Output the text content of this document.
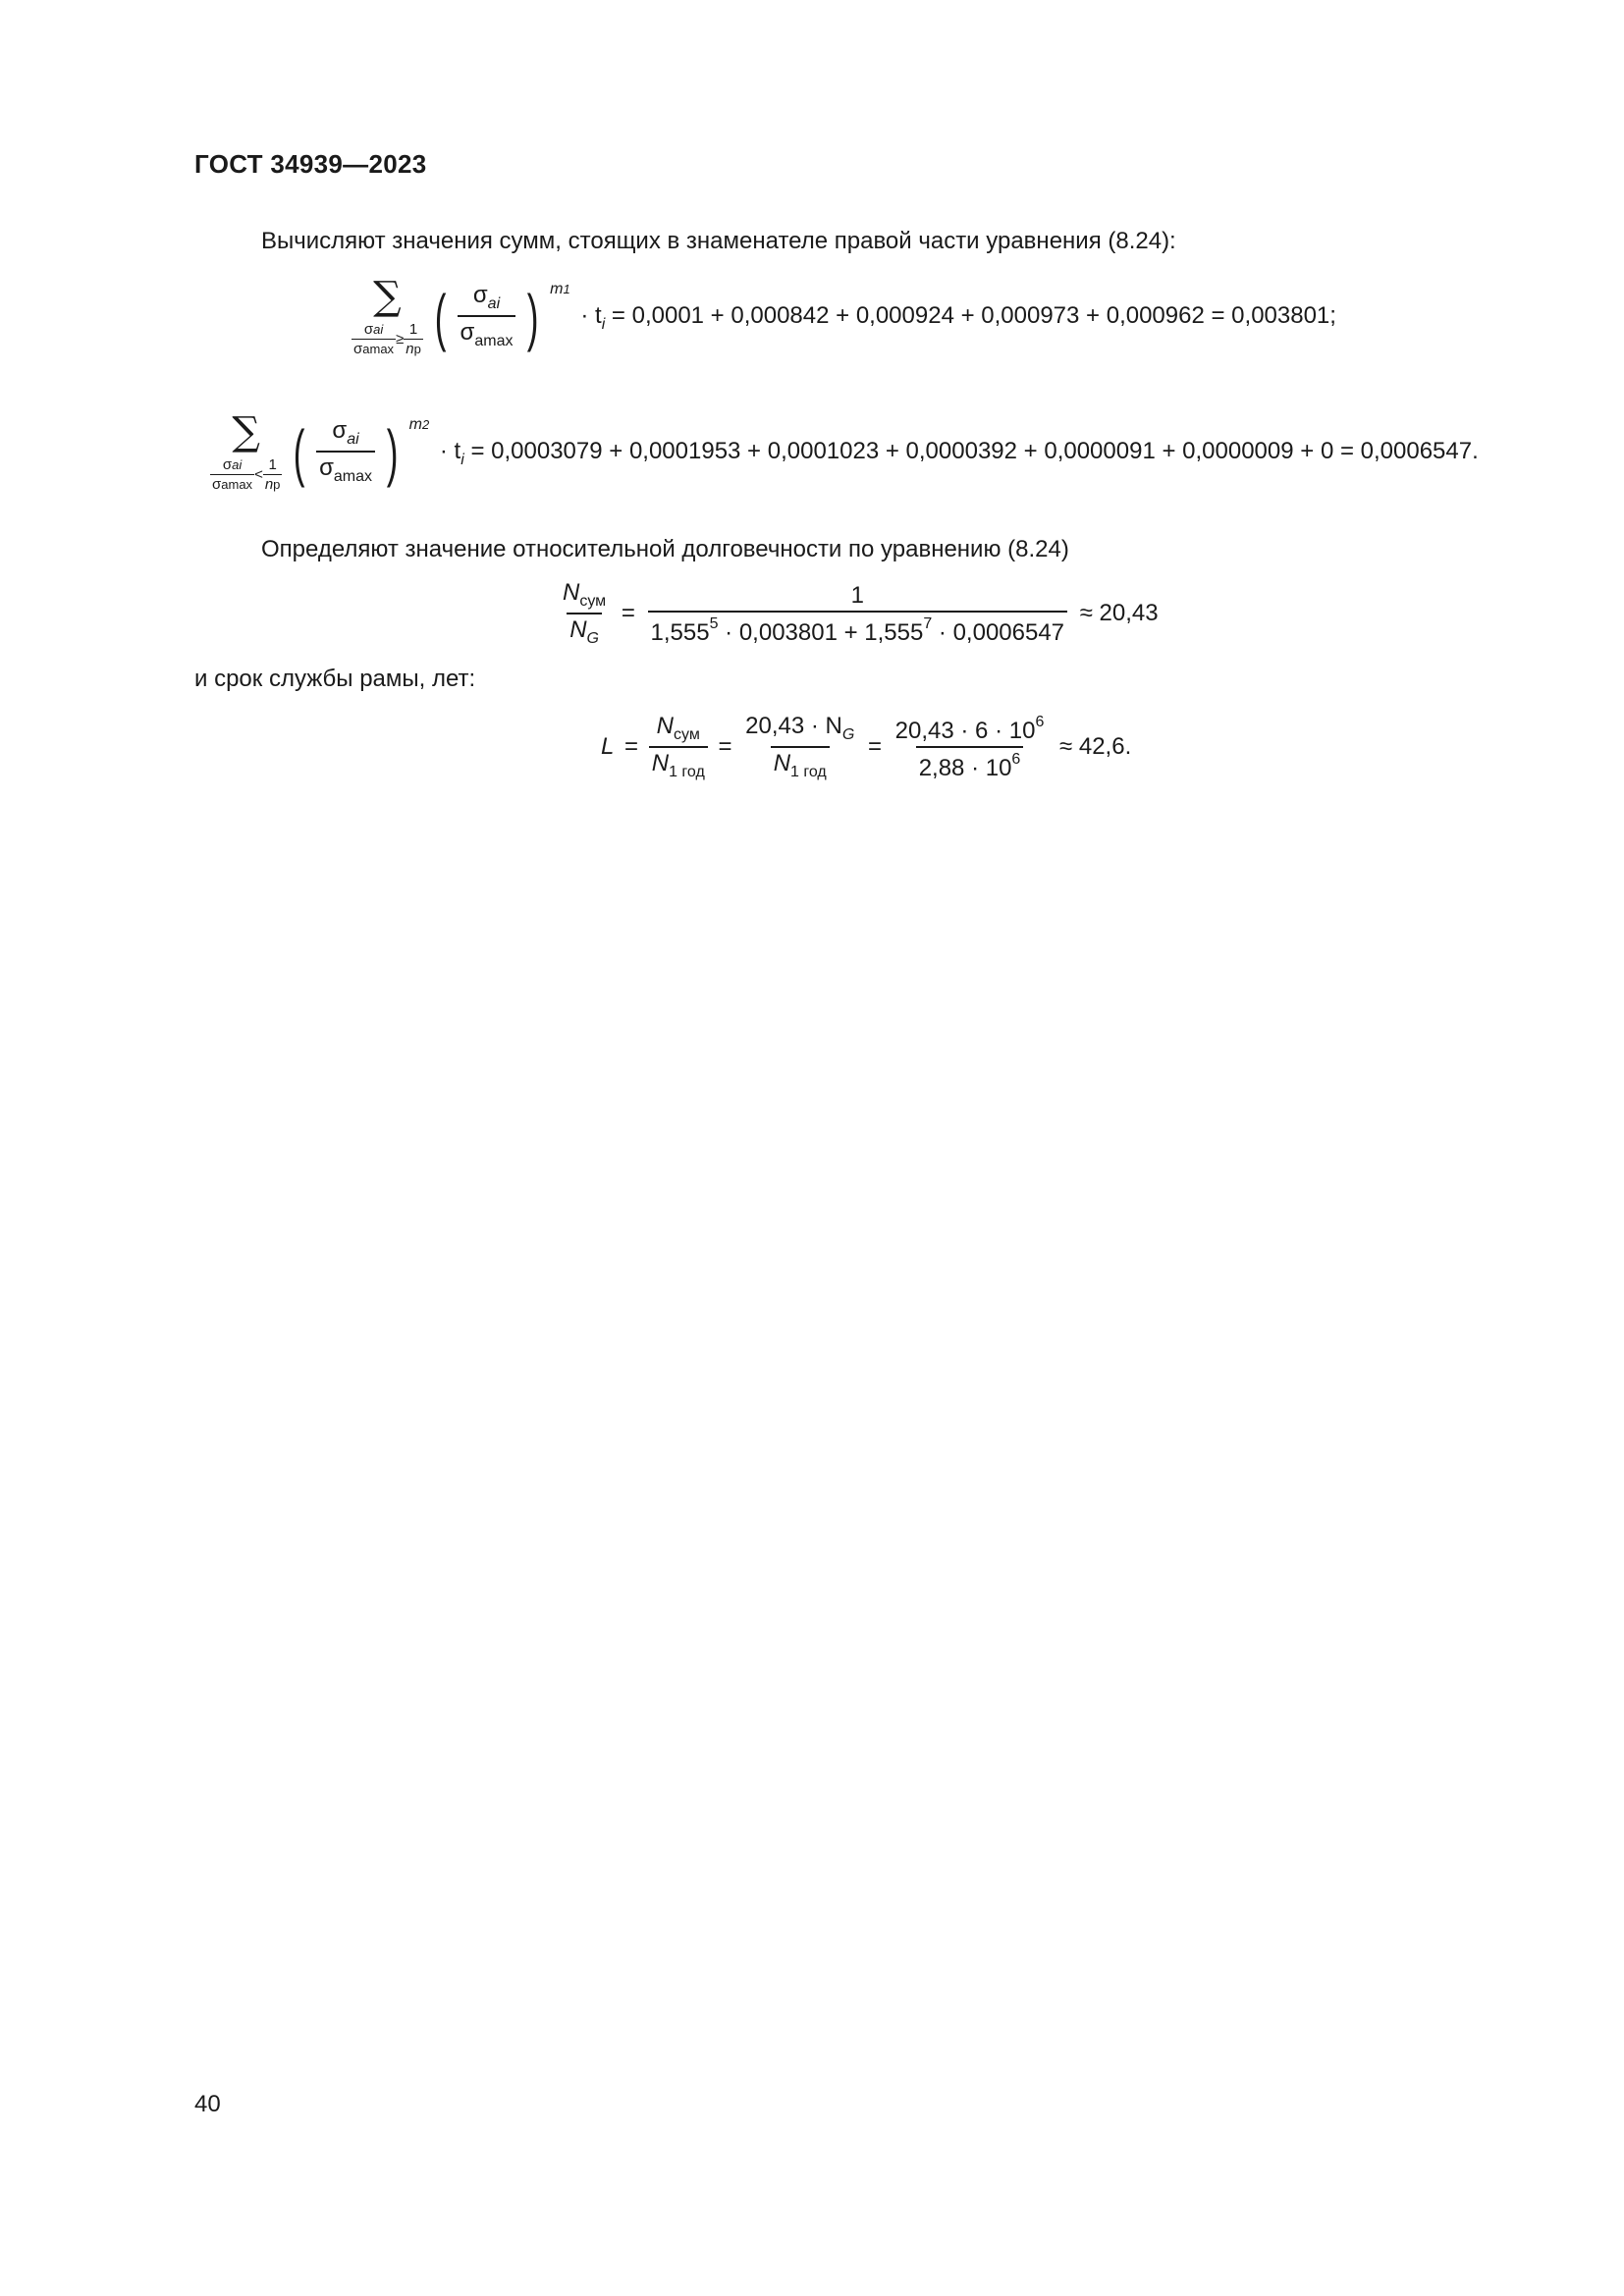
ГОСТ 34939—2023
Вычисляют значения сумм, стоящих в знаменателе правой части уравнения (8.24):
∑
$\frac{\text{σai}}{\sigma amax} \ge \frac{1}{nр}$ ( $\frac{\sigma_{ai}}{\sigma_{amax}}$ ) $^{m1} \cdot t_i = 0,0001 + 0,000842 + 0,000924 + 0,000973 + 0,000962 = 0,003801$;
∑
$\frac{\text{σai}}{\sigma amax} < \frac{1}{nр}$ ( $\frac{\sigma_{ai}}{\sigma_{amax}}$ ) $^{m2} \cdot t_i = 0,0003079 + 0,0001953 + 0,0001023 + 0,0000392 + 0,0000091 + 0,0000009 + 0 = 0,0006547$.
Определяют значение относительной долговечности по уравнению (8.24)
$\frac{N_{сум}}{N_G} = \frac{1}{1,555^5 \cdot 0,003801 + 1,555^7 \cdot 0,0006547} \approx 20,43$
и срок службы рамы, лет:
$L = \frac{N_{сум}}{N_{1 год}} = \frac{20,43 \cdot N_G}{N_{1 год}} = \frac{20,43 \cdot 6 \cdot 10^6}{2,88 \cdot 10^6} \approx 42,6$.
40
